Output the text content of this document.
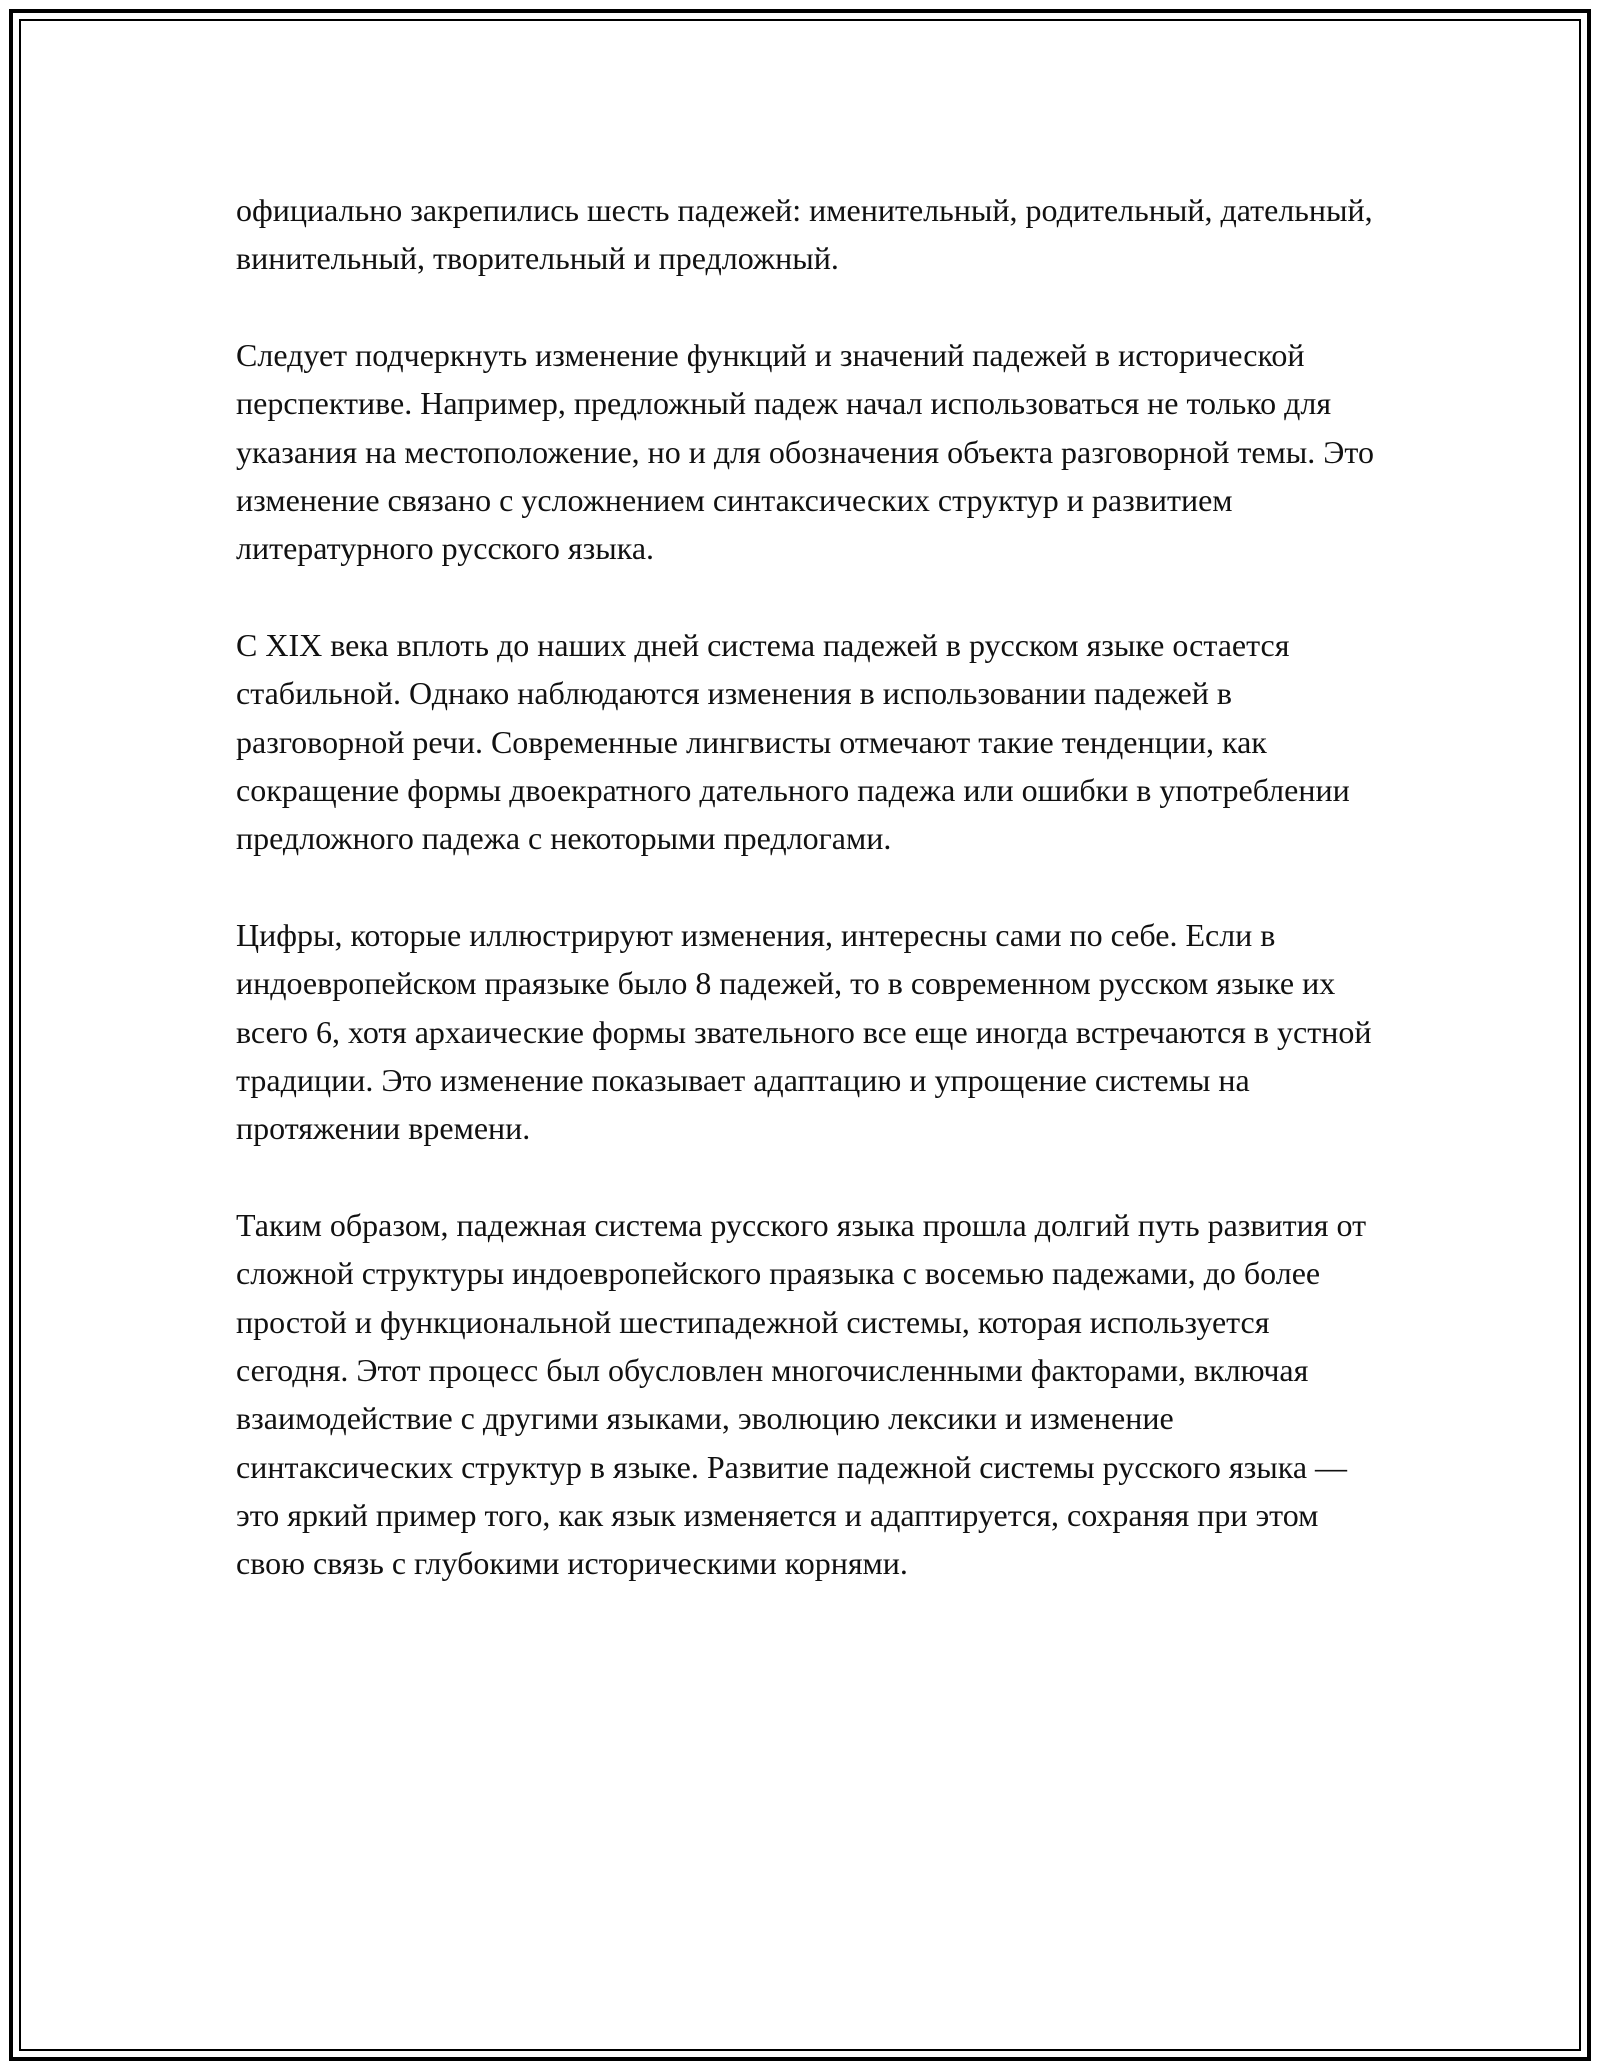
официально закрепились шесть падежей: именительный, родительный, дательный, винительный, творительный и предложный.

Следует подчеркнуть изменение функций и значений падежей в исторической перспективе. Например, предложный падеж начал использоваться не только для указания на местоположение, но и для обозначения объекта разговорной темы. Это изменение связано с усложнением синтаксических структур и развитием литературного русского языка.

С XIX века вплоть до наших дней система падежей в русском языке остается стабильной. Однако наблюдаются изменения в использовании падежей в разговорной речи. Современные лингвисты отмечают такие тенденции, как сокращение формы двоекратного дательного падежа или ошибки в употреблении предложного падежа с некоторыми предлогами.

Цифры, которые иллюстрируют изменения, интересны сами по себе. Если в индоевропейском праязыке было 8 падежей, то в современном русском языке их всего 6, хотя архаические формы звательного все еще иногда встречаются в устной традиции. Это изменение показывает адаптацию и упрощение системы на протяжении времени.

Таким образом, падежная система русского языка прошла долгий путь развития от сложной структуры индоевропейского праязыка с восемью падежами, до более простой и функциональной шестипадежной системы, которая используется сегодня. Этот процесс был обусловлен многочисленными факторами, включая взаимодействие с другими языками, эволюцию лексики и изменение синтаксических структур в языке. Развитие падежной системы русского языка — это яркий пример того, как язык изменяется и адаптируется, сохраняя при этом свою связь с глубокими историческими корнями.
